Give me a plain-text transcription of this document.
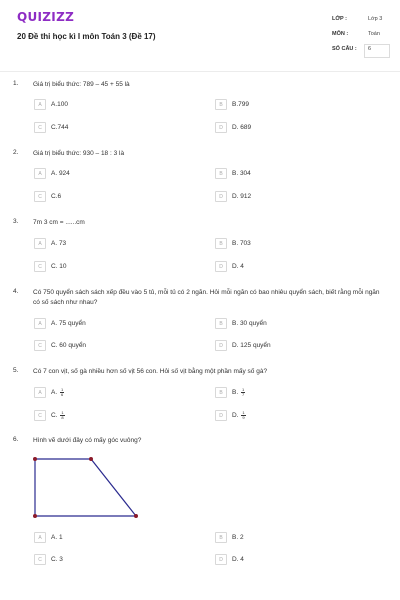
QUIZIZZ
20 Đề thi học kì I môn Toán 3 (Đề 17)
LỚP :	Lớp 3
MÔN :	Toán
SỐ CÂU : 6
1. Giá trị biểu thức: 789 – 45 + 55 là
A	A.100	B	B.799
C	C.744	D	D. 689
2. Giá trị biểu thức: 930 – 18 : 3 là
A	A. 924	B	B. 304
C	C.6	D	D. 912
3. 7m 3 cm = ......cm
A	A. 73	B	B. 703
C	C. 10	D	D. 4
4. Có 750 quyển sách sách xếp đều vào 5 tủ, mỗi tủ có 2 ngăn. Hỏi mỗi ngăn có bao nhiêu quyển sách, biết rằng mỗi ngăn có số sách như nhau?
A	A. 75 quyển	B	B. 30 quyển
C	C. 60 quyển	D	D. 125 quyển
5. Có 7 con vịt, số gà nhiều hơn số vịt 56 con. Hỏi số vịt bằng một phần mấy số gà?
A	A. $\frac{1}{6}$	B	B. $\frac{1}{7}$
C	C. $\frac{1}{8}$	D	D. $\frac{1}{9}$
6. Hình vẽ dưới đây có mấy góc vuông?
A	A. 1	B	B. 2
C	C. 3	D	D. 4
